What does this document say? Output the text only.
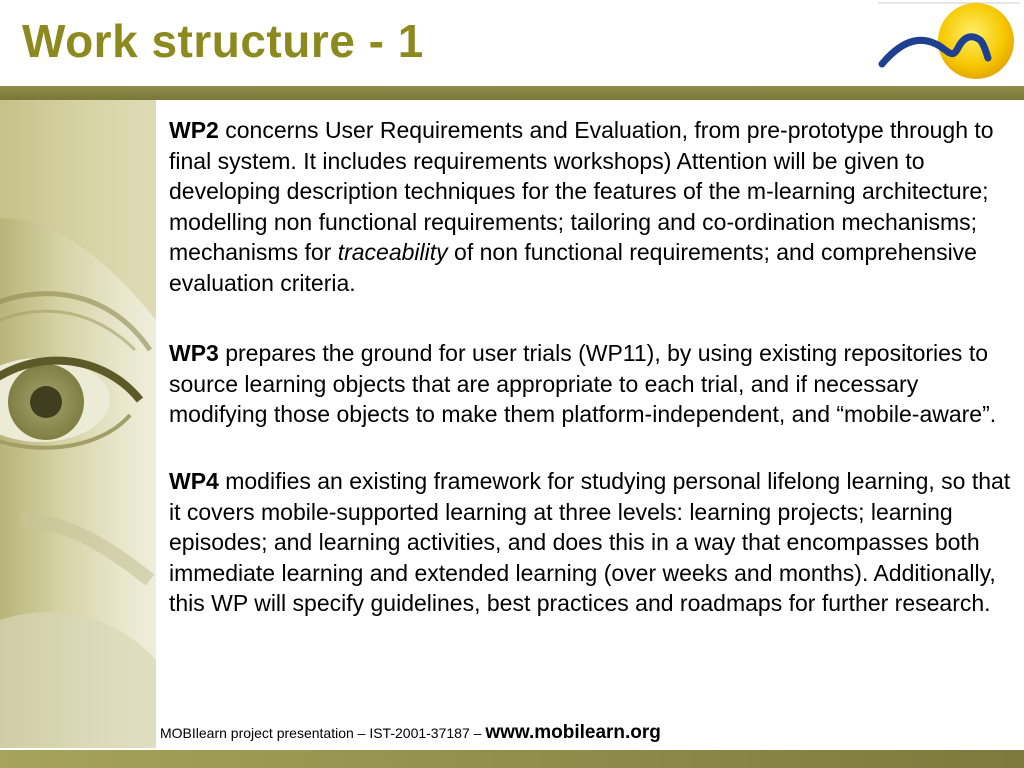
Work structure - 1

WP2 concerns User Requirements and Evaluation, from pre-prototype through to final system. It includes requirements workshops) Attention will be given to developing description techniques for the features of the m-learning architecture; modelling non functional requirements; tailoring and co-ordination mechanisms; mechanisms for traceability of non functional requirements; and comprehensive evaluation criteria.

WP3 prepares the ground for user trials (WP11), by using existing repositories to source learning objects that are appropriate to each trial, and if necessary modifying those objects to make them platform-independent, and “mobile-aware”.

WP4 modifies an existing framework for studying personal lifelong learning, so that it covers mobile-supported learning at three levels: learning projects; learning episodes; and learning activities, and does this in a way that encompasses both immediate learning and extended learning (over weeks and months). Additionally, this WP will specify guidelines, best practices and roadmaps for further research.

MOBIlearn project presentation – IST-2001-37187 – www.mobilearn.org
